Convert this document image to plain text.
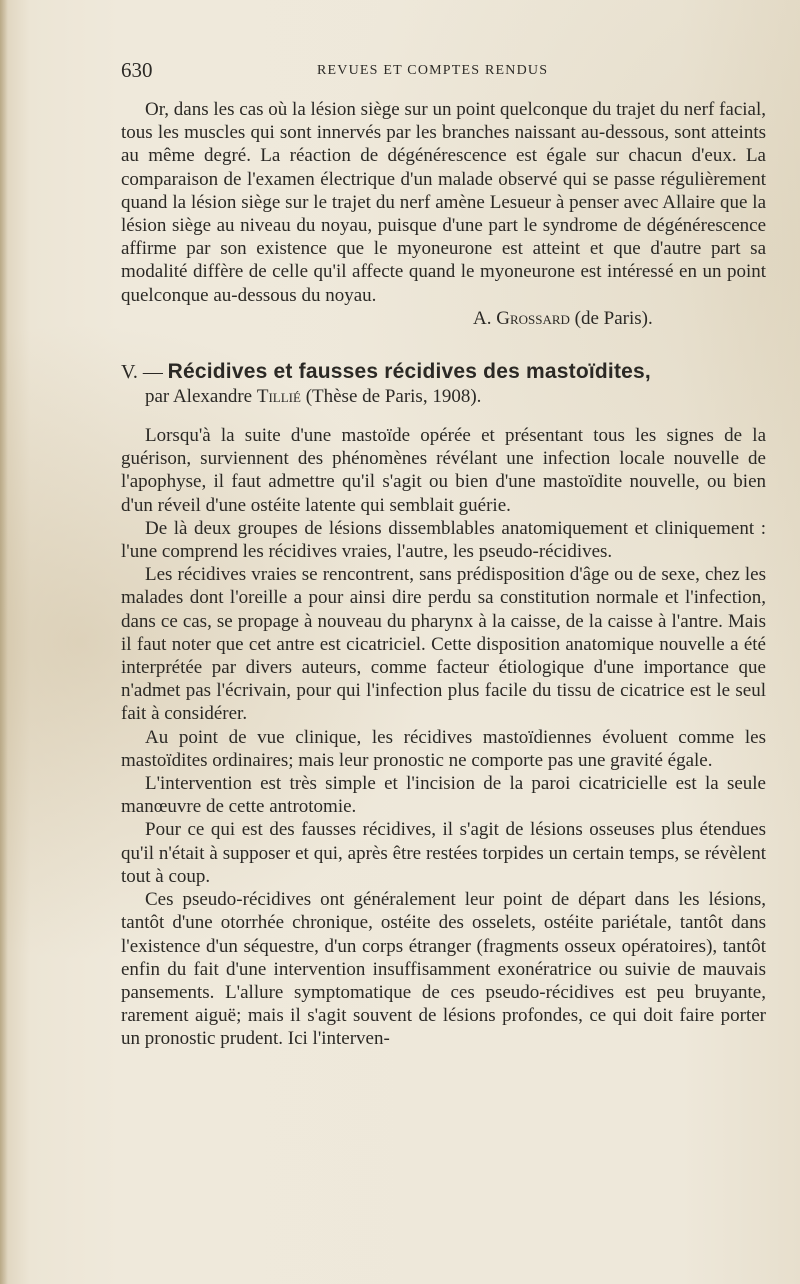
630	REVUES ET COMPTES RENDUS

Or, dans les cas où la lésion siège sur un point quelconque du trajet du nerf facial, tous les muscles qui sont innervés par les branches naissant au-dessous, sont atteints au même degré. La réaction de dégénérescence est égale sur chacun d'eux. La comparaison de l'examen électrique d'un malade observé qui se passe régulièrement quand la lésion siège sur le trajet du nerf amène Lesueur à penser avec Allaire que la lésion siège au niveau du noyau, puisque d'une part le syndrome de dégénérescence affirme par son existence que le myoneurone est atteint et que d'autre part sa modalité diffère de celle qu'il affecte quand le myoneurone est intéressé en un point quelconque au-dessous du noyau.

A. Grossard (de Paris).

V. — Récidives et fausses récidives des mastoïdites,

par Alexandre Tillié (Thèse de Paris, 1908).

Lorsqu'à la suite d'une mastoïde opérée et présentant tous les signes de la guérison, surviennent des phénomènes révélant une infection locale nouvelle de l'apophyse, il faut admettre qu'il s'agit ou bien d'une mastoïdite nouvelle, ou bien d'un réveil d'une ostéite latente qui semblait guérie.

De là deux groupes de lésions dissemblables anatomiquement et cliniquement : l'une comprend les récidives vraies, l'autre, les pseudo-récidives.

Les récidives vraies se rencontrent, sans prédisposition d'âge ou de sexe, chez les malades dont l'oreille a pour ainsi dire perdu sa constitution normale et l'infection, dans ce cas, se propage à nouveau du pharynx à la caisse, de la caisse à l'antre. Mais il faut noter que cet antre est cicatriciel. Cette disposition anatomique nouvelle a été interprétée par divers auteurs, comme facteur étiologique d'une importance que n'admet pas l'écrivain, pour qui l'infection plus facile du tissu de cicatrice est le seul fait à considérer.

Au point de vue clinique, les récidives mastoïdiennes évoluent comme les mastoïdites ordinaires; mais leur pronostic ne comporte pas une gravité égale.

L'intervention est très simple et l'incision de la paroi cicatricielle est la seule manœuvre de cette antrotomie.

Pour ce qui est des fausses récidives, il s'agit de lésions osseuses plus étendues qu'il n'était à supposer et qui, après être restées torpides un certain temps, se révèlent tout à coup.

Ces pseudo-récidives ont généralement leur point de départ dans les lésions, tantôt d'une otorrhée chronique, ostéite des osselets, ostéite pariétale, tantôt dans l'existence d'un séquestre, d'un corps étranger (fragments osseux opératoires), tantôt enfin du fait d'une intervention insuffisamment exonératrice ou suivie de mauvais pansements. L'allure symptomatique de ces pseudo-récidives est peu bruyante, rarement aiguë; mais il s'agit souvent de lésions profondes, ce qui doit faire porter un pronostic prudent. Ici l'interven-
